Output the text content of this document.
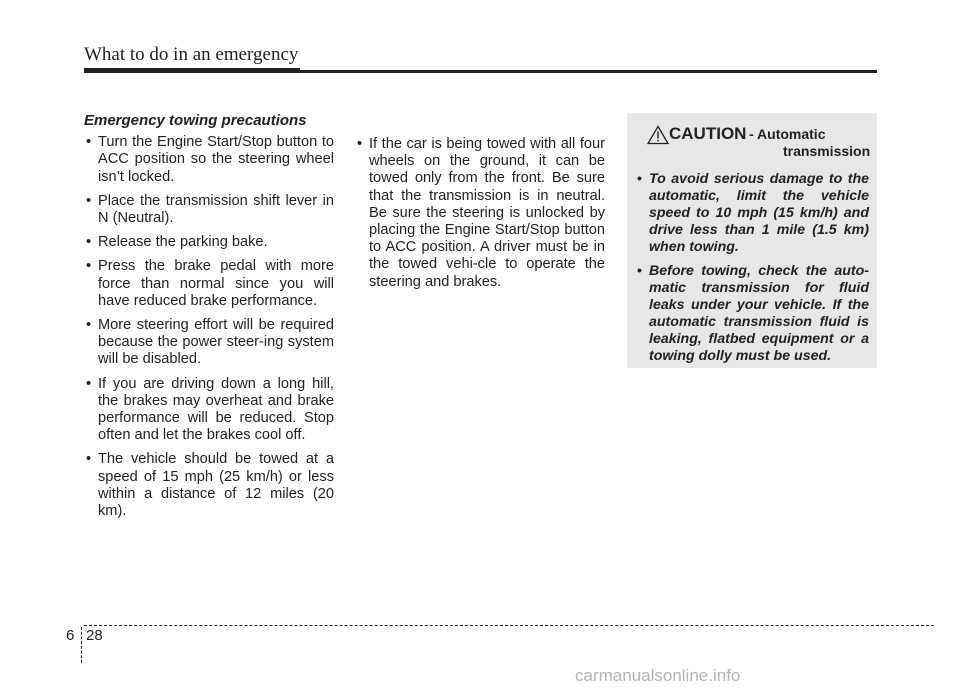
What to do in an emergency
Emergency towing precautions
• Turn the Engine Start/Stop button to ACC position so the steering wheel isn’t locked.
• Place the transmission shift lever in N (Neutral).
• Release the parking bake.
• Press the brake pedal with more force than normal since you will have reduced brake performance.
• More steering effort will be required because the power steer-ing system will be disabled.
• If you are driving down a long hill, the brakes may overheat and brake performance will be reduced. Stop often and let the brakes cool off.
• The vehicle should be towed at a speed of 15 mph (25 km/h) or less within a distance of 12 miles (20 km).
• If the car is being towed with all four wheels on the ground, it can be towed only from the front. Be sure that the transmission is in neutral. Be sure the steering is unlocked by placing the Engine Start/Stop button to ACC position. A driver must be in the towed vehi-cle to operate the steering and brakes.
CAUTION - Automatic
transmission
• To avoid serious damage to the automatic, limit the vehicle speed to 10 mph (15 km/h) and drive less than 1 mile (1.5 km) when towing.
• Before towing, check the auto-matic transmission for fluid leaks under your vehicle. If the automatic transmission fluid is leaking, flatbed equipment or a towing dolly must be used.
6 28
carmanualsonline.info
